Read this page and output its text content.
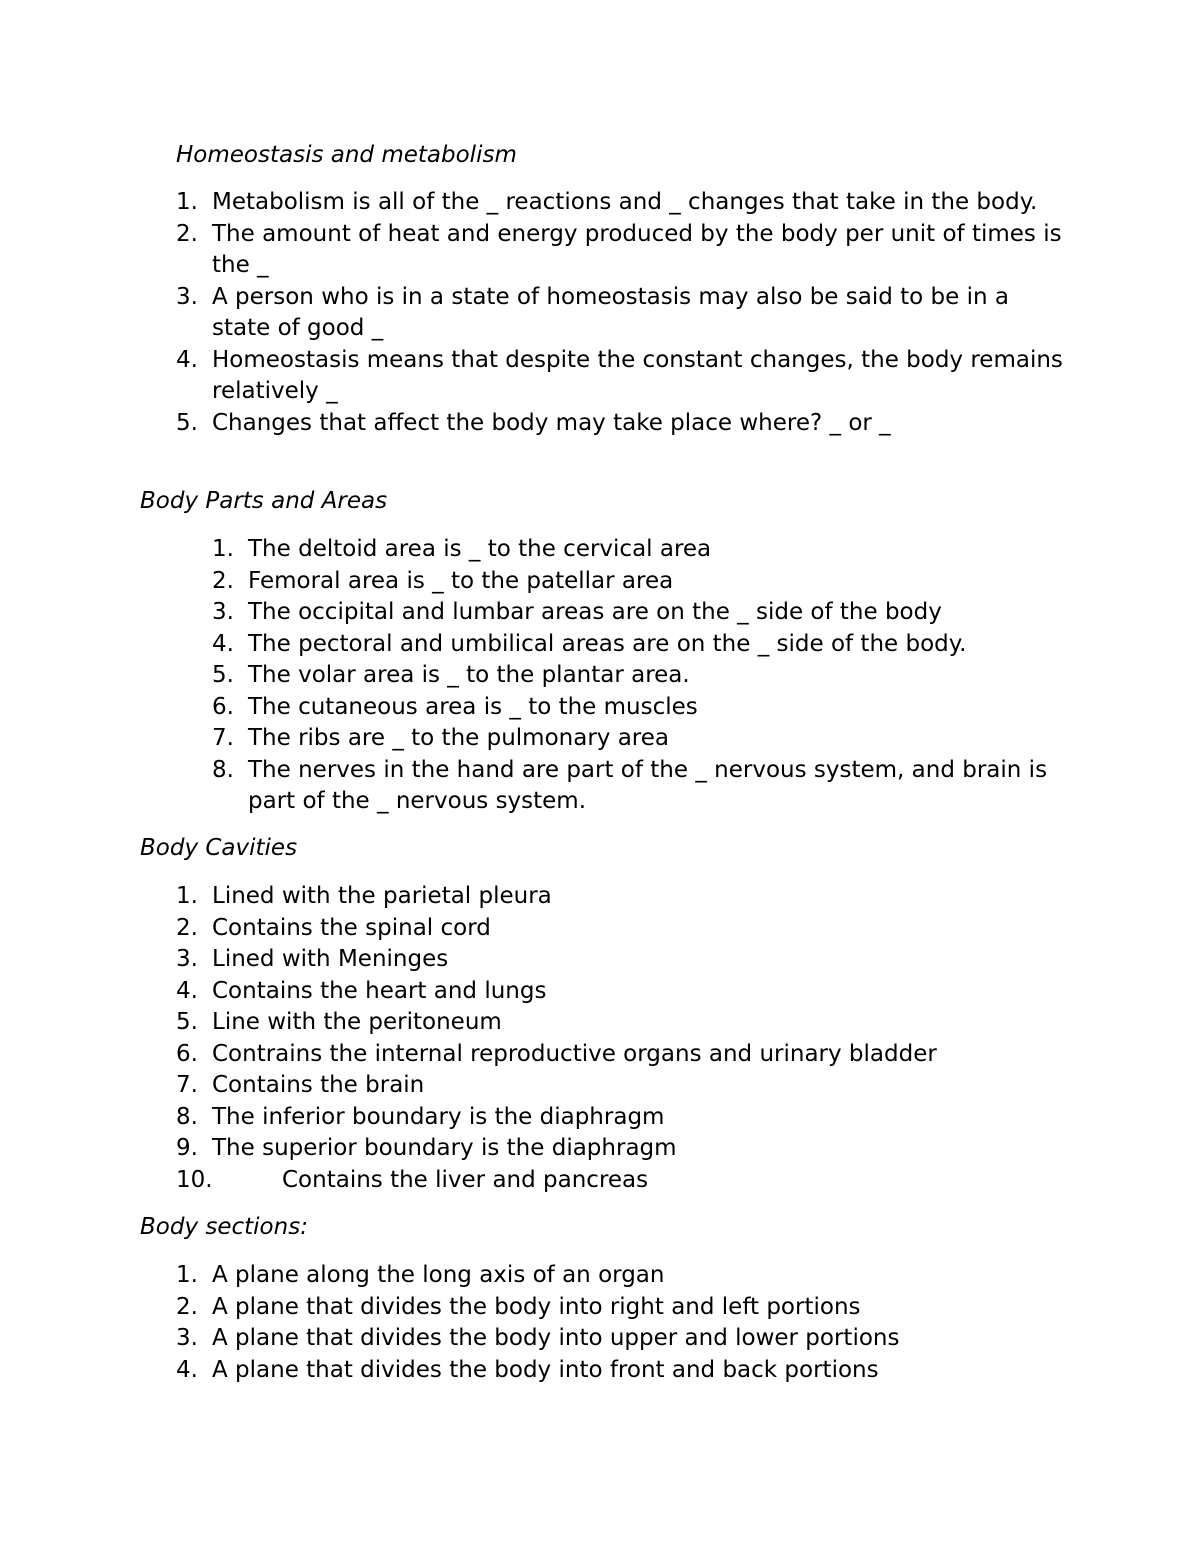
Homeostasis and metabolism
1. Metabolism is all of the _ reactions and _ changes that take in the body.
2. The amount of heat and energy produced by the body per unit of times is the _
3. A person who is in a state of homeostasis may also be said to be in a state of good _
4. Homeostasis means that despite the constant changes, the body remains relatively _
5. Changes that affect the body may take place where? _ or _
Body Parts and Areas
1. The deltoid area is _ to the cervical area
2. Femoral area is _ to the patellar area
3. The occipital and lumbar areas are on the _ side of the body
4. The pectoral and umbilical areas are on the _ side of the body.
5. The volar area is _ to the plantar area.
6. The cutaneous area is _ to the muscles
7. The ribs are _ to the pulmonary area
8. The nerves in the hand are part of the _ nervous system, and brain is part of the _ nervous system.
Body Cavities
1. Lined with the parietal pleura
2. Contains the spinal cord
3. Lined with Meninges
4. Contains the heart and lungs
5. Line with the peritoneum
6. Contrains the internal reproductive organs and urinary bladder
7. Contains the brain
8. The inferior boundary is the diaphragm
9. The superior boundary is the diaphragm
10.	Contains the liver and pancreas
Body sections:
1. A plane along the long axis of an organ
2. A plane that divides the body into right and left portions
3. A plane that divides the body into upper and lower portions
4. A plane that divides the body into front and back portions
